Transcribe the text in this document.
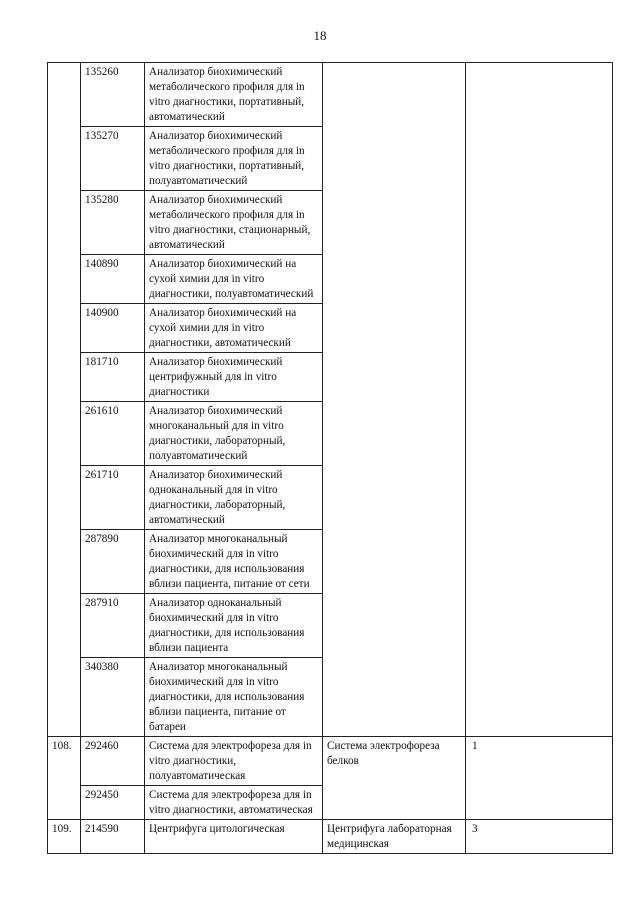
18
	135260	Анализатор биохимический метаболического профиля для in vitro диагностики, портативный, автоматический		
	135270	Анализатор биохимический метаболического профиля для in vitro диагностики, портативный, полуавтоматический		
	135280	Анализатор биохимический метаболического профиля для in vitro диагностики, стационарный, автоматический		
	140890	Анализатор биохимический на сухой химии для in vitro диагностики, полуавтоматический		
	140900	Анализатор биохимический на сухой химии для in vitro диагностики, автоматический		
	181710	Анализатор биохимический центрифужный для in vitro диагностики		
	261610	Анализатор биохимический многоканальный для in vitro диагностики, лабораторный, полуавтоматический		
	261710	Анализатор биохимический одноканальный для in vitro диагностики, лабораторный, автоматический		
	287890	Анализатор многоканальный биохимический для in vitro диагностики, для использования вблизи пациента, питание от сети		
	287910	Анализатор одноканальный биохимический для in vitro диагностики, для использования вблизи пациента		
	340380	Анализатор многоканальный биохимический для in vitro диагностики, для использования вблизи пациента, питание от батареи		
108.	292460	Система для электрофореза для in vitro диагностики, полуавтоматическая	Система электрофореза белков	1
	292450	Система для электрофореза для in vitro диагностики, автоматическая		
109.	214590	Центрифуга цитологическая	Центрифуга лабораторная медицинская	3
